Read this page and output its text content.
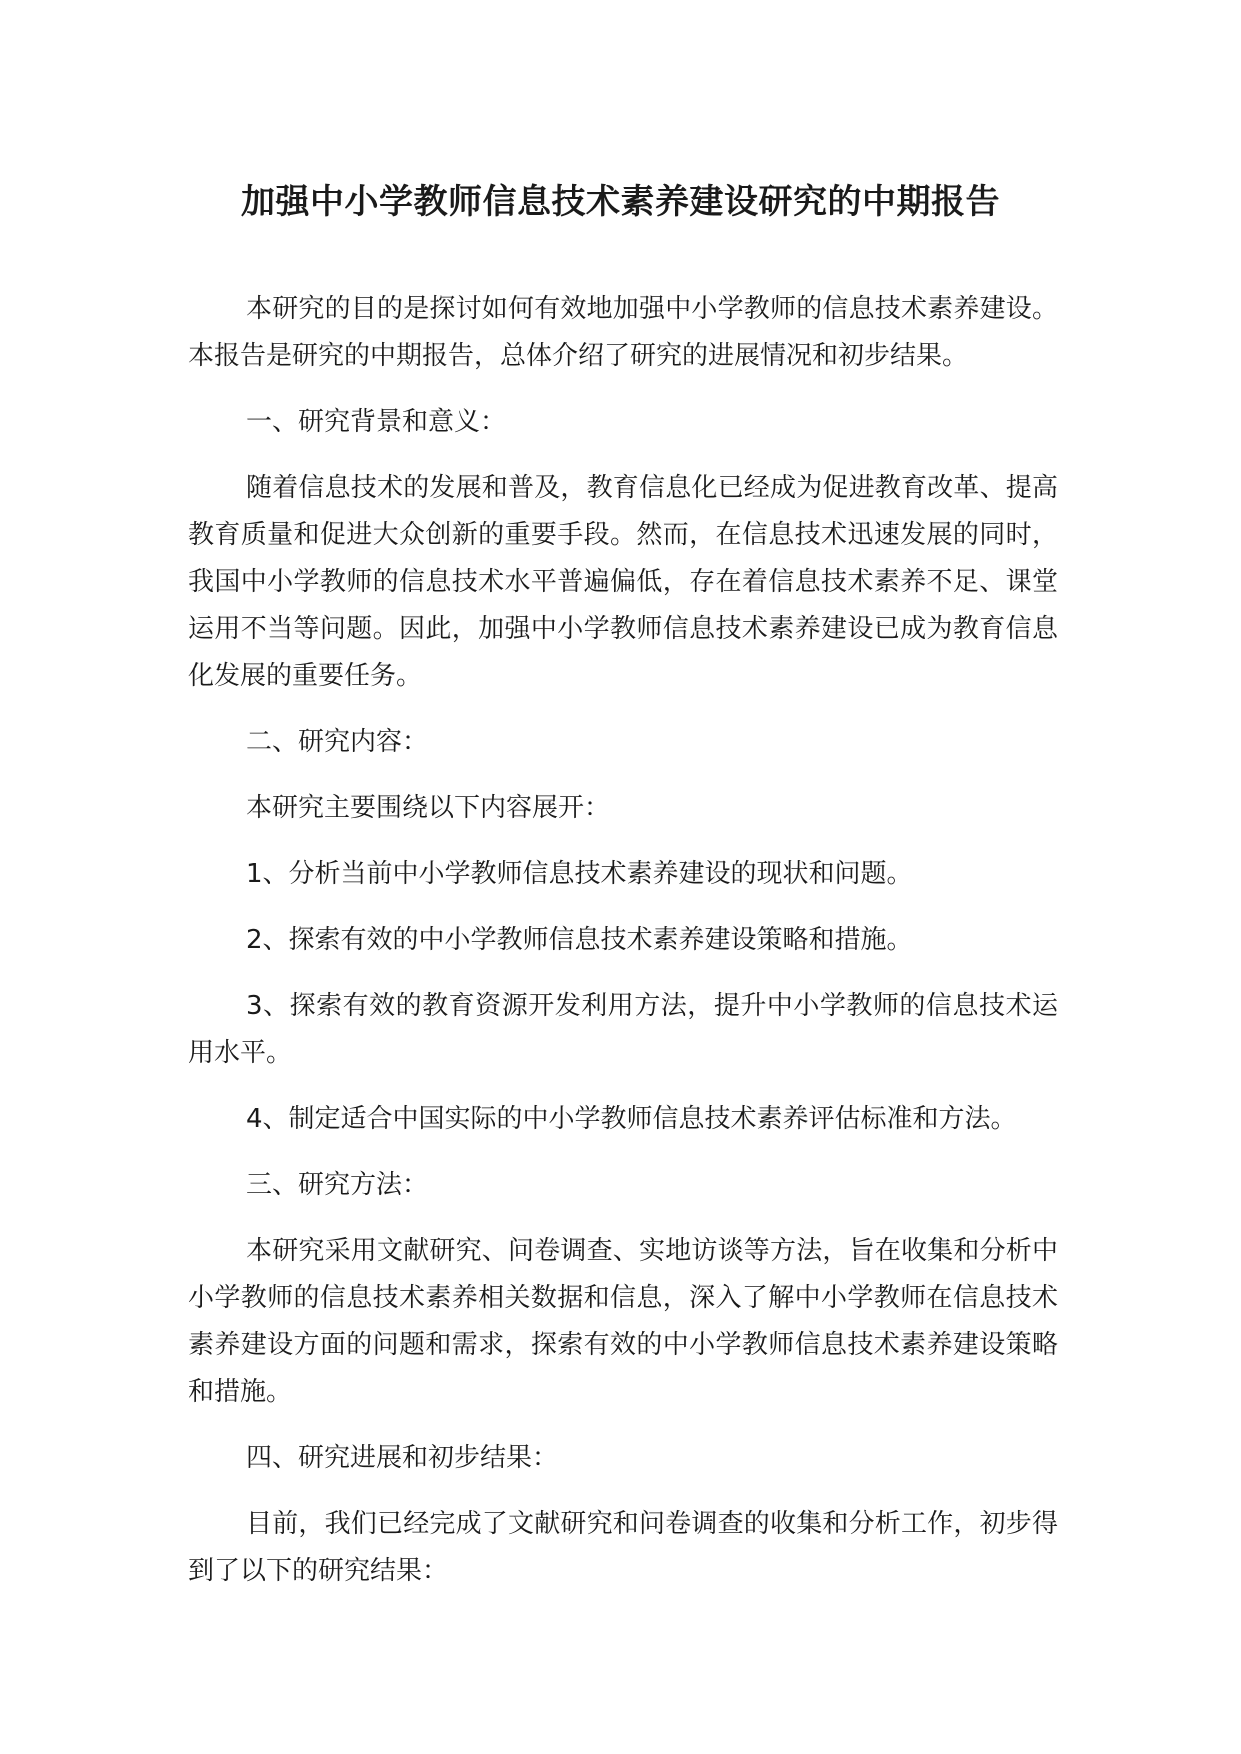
加强中小学教师信息技术素养建设研究的中期报告

本研究的目的是探讨如何有效地加强中小学教师的信息技术素养建设。本报告是研究的中期报告，总体介绍了研究的进展情况和初步结果。

一、研究背景和意义：

随着信息技术的发展和普及，教育信息化已经成为促进教育改革、提高教育质量和促进大众创新的重要手段。然而，在信息技术迅速发展的同时，我国中小学教师的信息技术水平普遍偏低，存在着信息技术素养不足、课堂运用不当等问题。因此，加强中小学教师信息技术素养建设已成为教育信息化发展的重要任务。

二、研究内容：

本研究主要围绕以下内容展开：

1、分析当前中小学教师信息技术素养建设的现状和问题。

2、探索有效的中小学教师信息技术素养建设策略和措施。

3、探索有效的教育资源开发利用方法，提升中小学教师的信息技术运用水平。

4、制定适合中国实际的中小学教师信息技术素养评估标准和方法。

三、研究方法：

本研究采用文献研究、问卷调查、实地访谈等方法，旨在收集和分析中小学教师的信息技术素养相关数据和信息，深入了解中小学教师在信息技术素养建设方面的问题和需求，探索有效的中小学教师信息技术素养建设策略和措施。

四、研究进展和初步结果：

目前，我们已经完成了文献研究和问卷调查的收集和分析工作，初步得到了以下的研究结果：
